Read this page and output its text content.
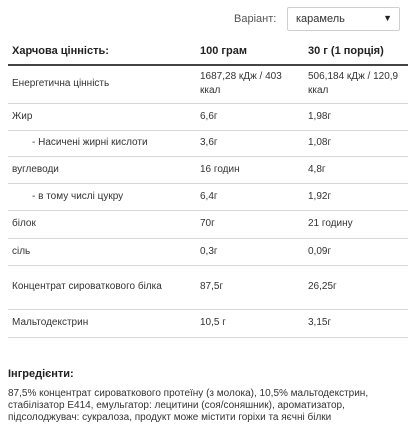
Варіант: карамель	▼
Харчова цінність:	100 грам	30 г (1 порція)
Енергетична цінність	1687,28 кДж / 403 ккал	506,184 кДж / 120,9 ккал
Жир	6,6г	1,98г
- Насичені жирні кислоти	3,6г	1,08г
вуглеводи	16 годин	4,8г
- в тому числі цукру	6,4г	1,92г
білок	70г	21 годину
сіль	0,3г	0,09г
Концентрат сироваткового білка	87,5г	26,25г
Мальтодекстрин	10,5 г	3,15г
Інгредієнти:
87,5% концентрат сироваткового протеїну (з молока), 10,5% мальтодекстрин, стабілізатор Е414, емульгатор: лецитини (соя/соняшник), ароматизатор, підсолоджувач: сукралоза, продукт може містити горіхи та яєчні білки
